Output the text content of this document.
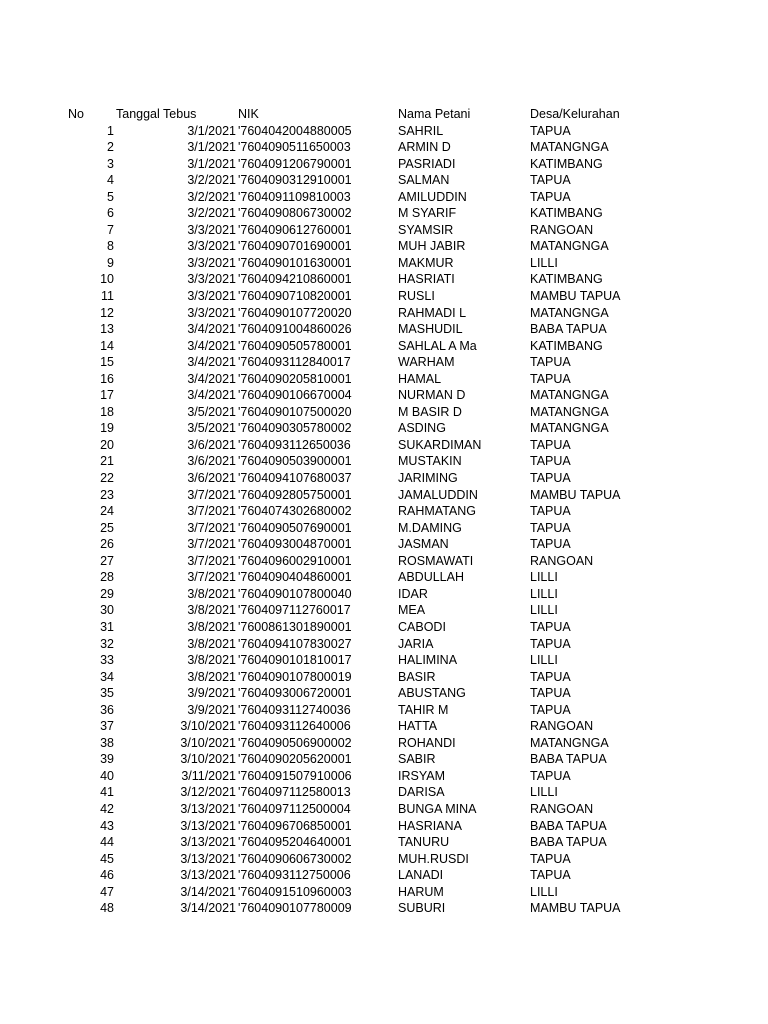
No	Tanggal Tebus	NIK	Nama Petani	Desa/Kelurahan
1	3/1/2021 '7604042004880005	SAHRIL	TAPUA
2	3/1/2021 '7604090511650003	ARMIN D	MATANGNGA
3	3/1/2021 '7604091206790001	PASRIADI	KATIMBANG
4	3/2/2021 '7604090312910001	SALMAN	TAPUA
5	3/2/2021 '7604091109810003	AMILUDDIN	TAPUA
6	3/2/2021 '7604090806730002	M SYARIF	KATIMBANG
7	3/3/2021 '7604090612760001	SYAMSIR	RANGOAN
8	3/3/2021 '7604090701690001	MUH JABIR	MATANGNGA
9	3/3/2021 '7604090101630001	MAKMUR	LILLI
10	3/3/2021 '7604094210860001	HASRIATI	KATIMBANG
11	3/3/2021 '7604090710820001	RUSLI	MAMBU TAPUA
12	3/3/2021 '7604090107720020	RAHMADI L	MATANGNGA
13	3/4/2021 '7604091004860026	MASHUDIL	BABA TAPUA
14	3/4/2021 '7604090505780001	SAHLAL A Ma	KATIMBANG
15	3/4/2021 '7604093112840017	WARHAM	TAPUA
16	3/4/2021 '7604090205810001	HAMAL	TAPUA
17	3/4/2021 '7604090106670004	NURMAN D	MATANGNGA
18	3/5/2021 '7604090107500020	M BASIR D	MATANGNGA
19	3/5/2021 '7604090305780002	ASDING	MATANGNGA
20	3/6/2021 '7604093112650036	SUKARDIMAN	TAPUA
21	3/6/2021 '7604090503900001	MUSTAKIN	TAPUA
22	3/6/2021 '7604094107680037	JARIMING	TAPUA
23	3/7/2021 '7604092805750001	JAMALUDDIN	MAMBU TAPUA
24	3/7/2021 '7604074302680002	RAHMATANG	TAPUA
25	3/7/2021 '7604090507690001	M.DAMING	TAPUA
26	3/7/2021 '7604093004870001	JASMAN	TAPUA
27	3/7/2021 '7604096002910001	ROSMAWATI	RANGOAN
28	3/7/2021 '7604090404860001	ABDULLAH	LILLI
29	3/8/2021 '7604090107800040	IDAR	LILLI
30	3/8/2021 '7604097112760017	MEA	LILLI
31	3/8/2021 '7600861301890001	CABODI	TAPUA
32	3/8/2021 '7604094107830027	JARIA	TAPUA
33	3/8/2021 '7604090101810017	HALIMINA	LILLI
34	3/8/2021 '7604090107800019	BASIR	TAPUA
35	3/9/2021 '7604093006720001	ABUSTANG	TAPUA
36	3/9/2021 '7604093112740036	TAHIR M	TAPUA
37	3/10/2021 '7604093112640006	HATTA	RANGOAN
38	3/10/2021 '7604090506900002	ROHANDI	MATANGNGA
39	3/10/2021 '7604090205620001	SABIR	BABA TAPUA
40	3/11/2021 '7604091507910006	IRSYAM	TAPUA
41	3/12/2021 '7604097112580013	DARISA	LILLI
42	3/13/2021 '7604097112500004	BUNGA MINA	RANGOAN
43	3/13/2021 '7604096706850001	HASRIANA	BABA TAPUA
44	3/13/2021 '7604095204640001	TANURU	BABA TAPUA
45	3/13/2021 '7604090606730002	MUH.RUSDI	TAPUA
46	3/13/2021 '7604093112750006	LANADI	TAPUA
47	3/14/2021 '7604091510960003	HARUM	LILLI
48	3/14/2021 '7604090107780009	SUBURI	MAMBU TAPUA
